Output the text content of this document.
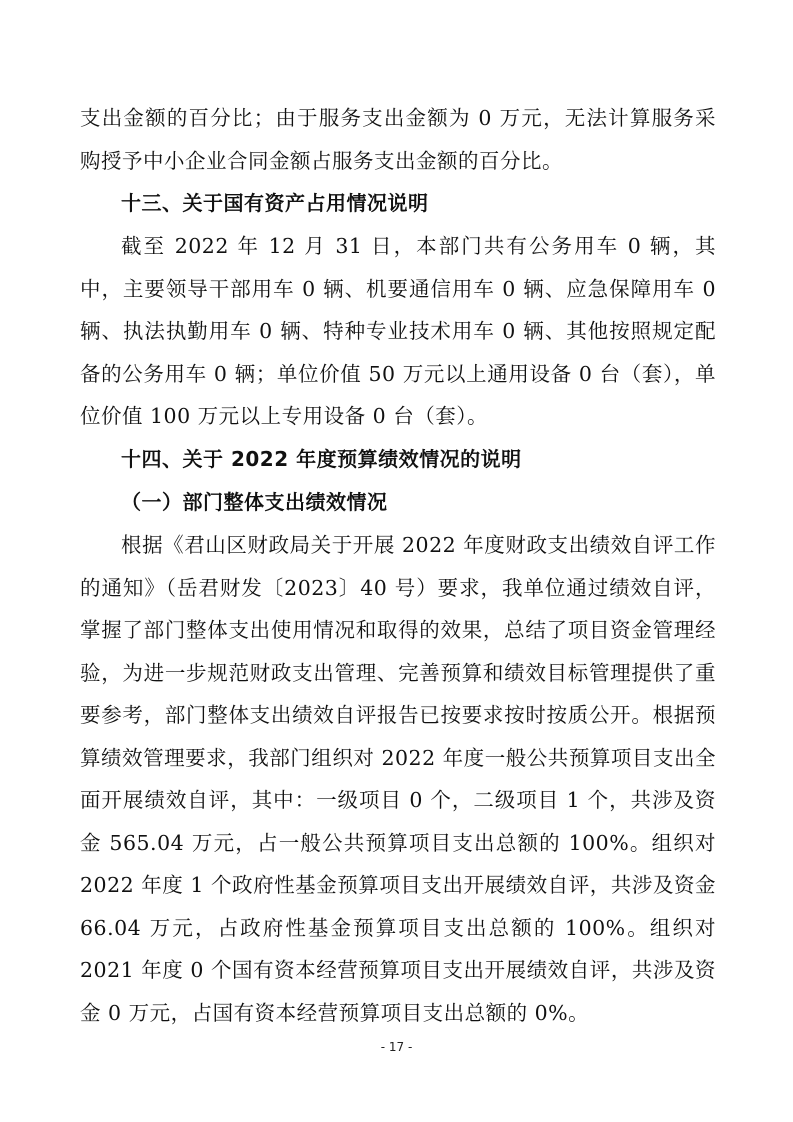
支出金额的百分比；由于服务支出金额为 0 万元，无法计算服务采购授予中小企业合同金额占服务支出金额的百分比。

十三、关于国有资产占用情况说明

截至 2022 年 12 月 31 日，本部门共有公务用车 0 辆，其中，主要领导干部用车 0 辆、机要通信用车 0 辆、应急保障用车 0 辆、执法执勤用车 0 辆、特种专业技术用车 0 辆、其他按照规定配备的公务用车 0 辆；单位价值 50 万元以上通用设备 0 台（套），单位价值 100 万元以上专用设备 0 台（套）。

十四、关于 2022 年度预算绩效情况的说明

（一）部门整体支出绩效情况

根据《君山区财政局关于开展 2022 年度财政支出绩效自评工作的通知》（岳君财发〔2023〕40 号）要求，我单位通过绩效自评，掌握了部门整体支出使用情况和取得的效果，总结了项目资金管理经验，为进一步规范财政支出管理、完善预算和绩效目标管理提供了重要参考，部门整体支出绩效自评报告已按要求按时按质公开。根据预算绩效管理要求，我部门组织对 2022 年度一般公共预算项目支出全面开展绩效自评，其中：一级项目 0 个，二级项目 1 个，共涉及资金 565.04 万元，占一般公共预算项目支出总额的 100%。组织对 2022 年度 1 个政府性基金预算项目支出开展绩效自评，共涉及资金 66.04 万元，占政府性基金预算项目支出总额的 100%。组织对 2021 年度 0 个国有资本经营预算项目支出开展绩效自评，共涉及资金 0 万元，占国有资本经营预算项目支出总额的 0%。

- 17 -
